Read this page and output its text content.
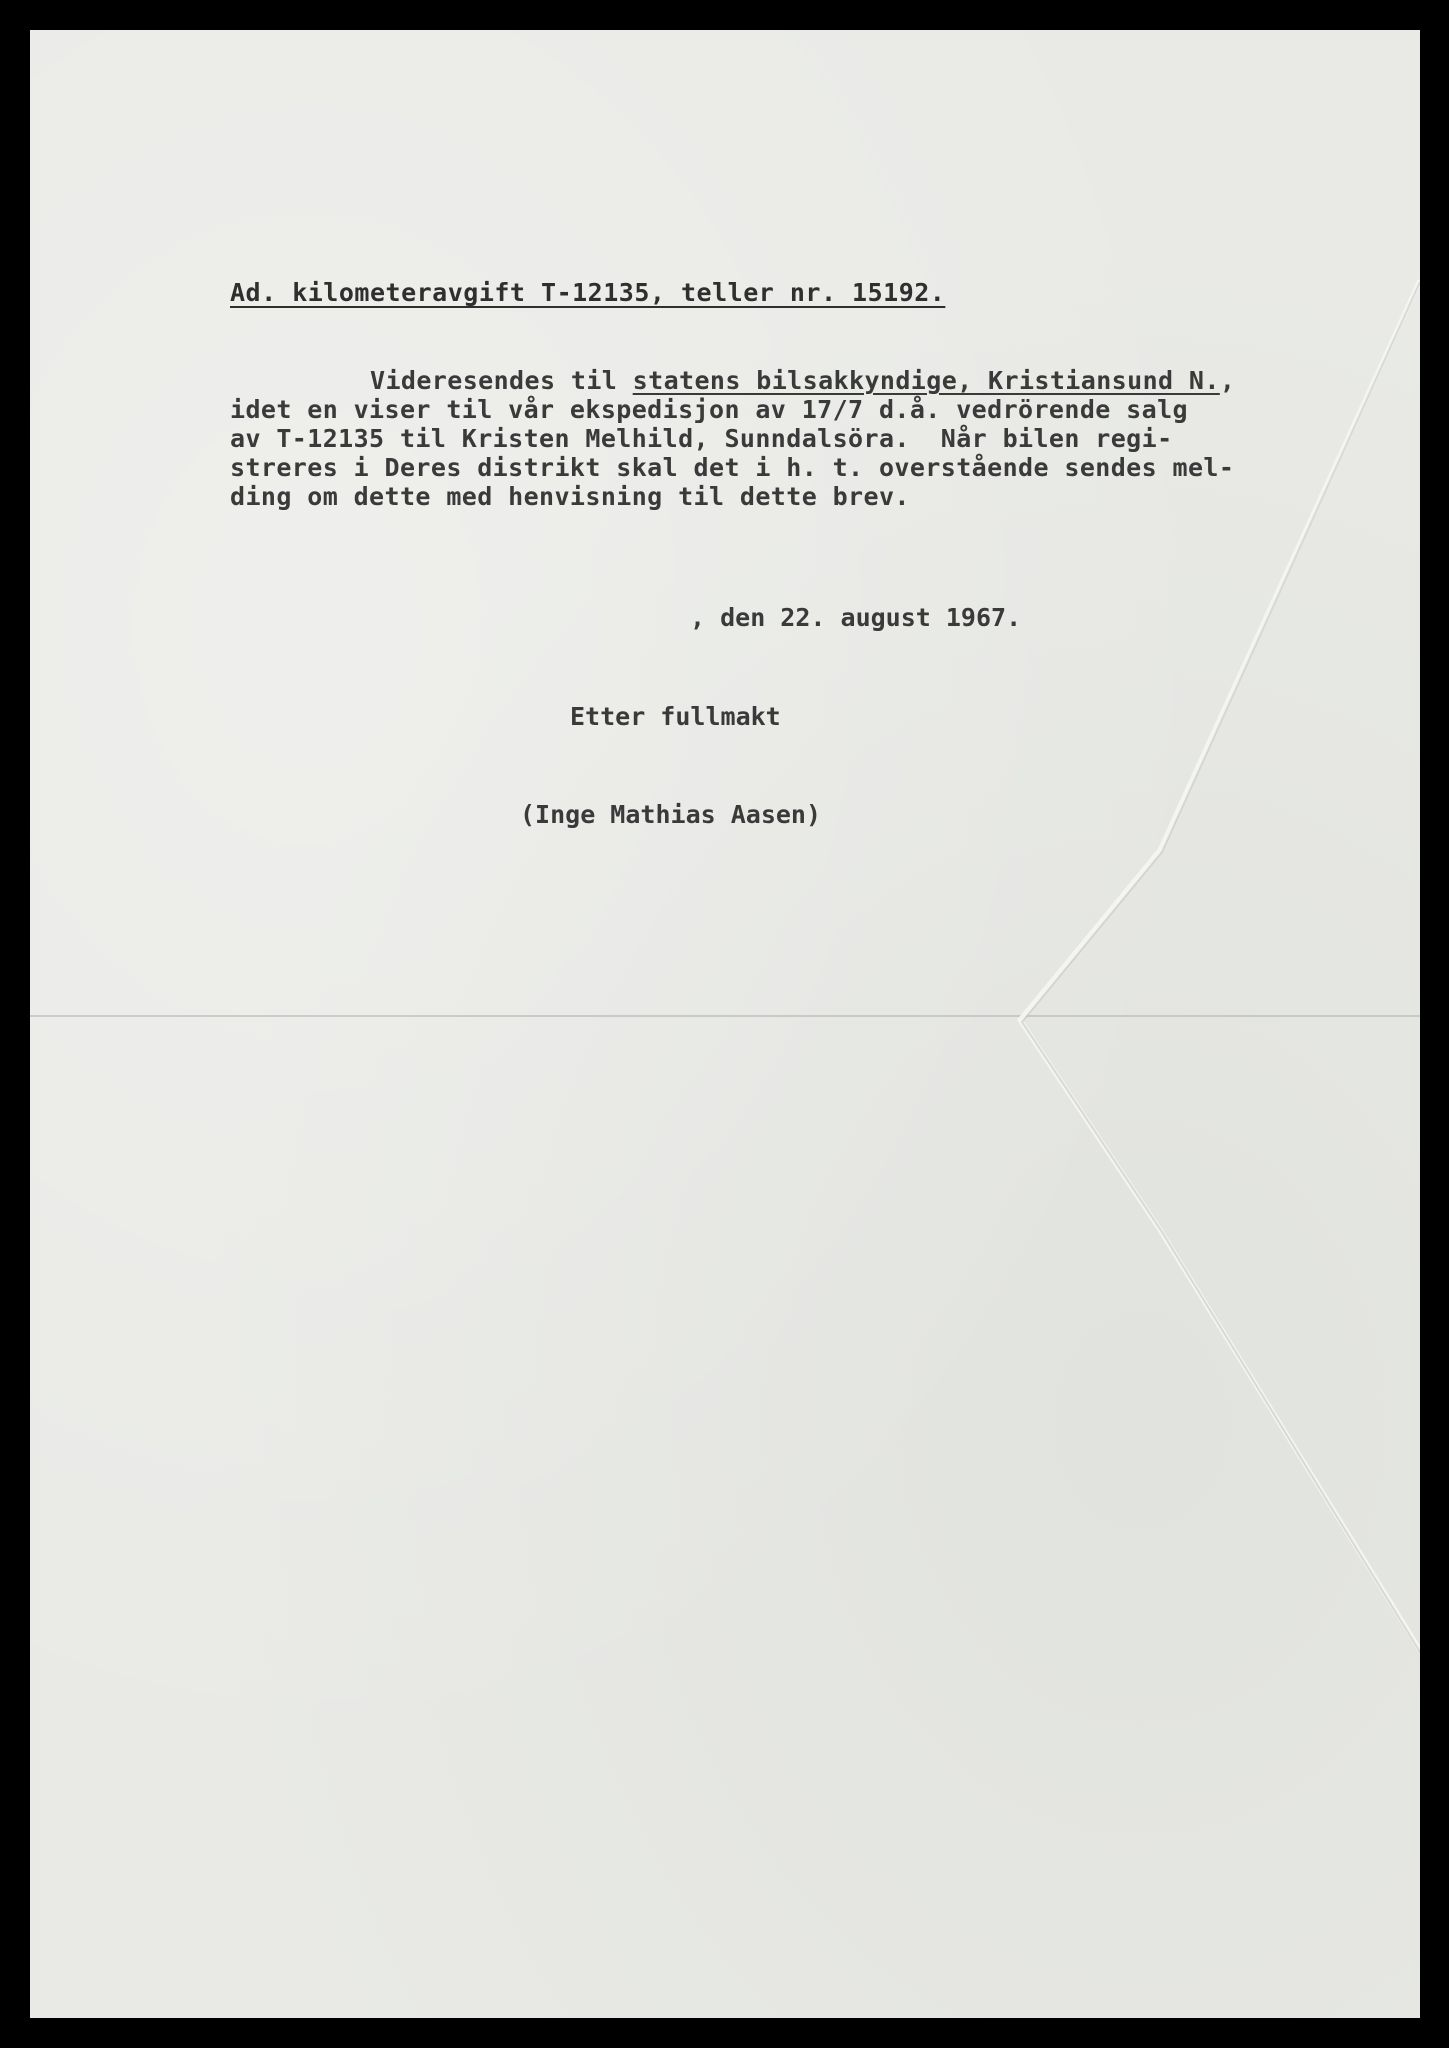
Ad. kilometeravgift T-12135, teller nr. 15192.
Videresendes til statens bilsakkyndige, Kristiansund N.,
idet en viser til vår ekspedisjon av 17/7 d.å. vedrörende salg
av T-12135 til Kristen Melhild, Sunndalsöra.  Når bilen regi-
streres i Deres distrikt skal det i h. t. overstående sendes mel-
ding om dette med henvisning til dette brev.
, den 22. august 1967.
Etter fullmakt
(Inge Mathias Aasen)
